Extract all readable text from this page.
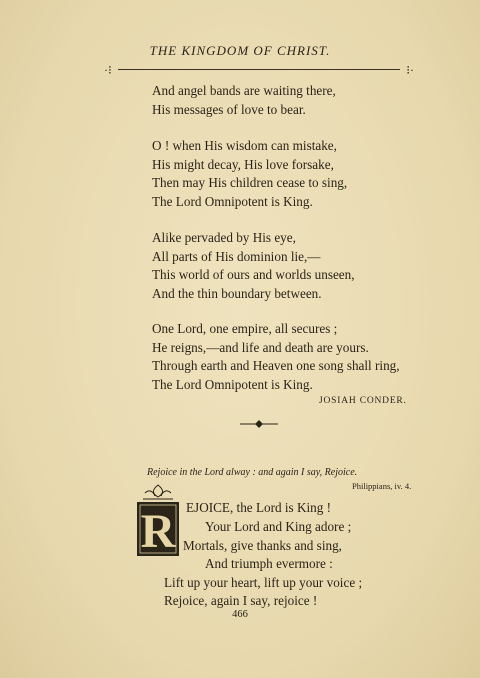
THE KINGDOM OF CHRIST.
·⁝	⁝·
And angel bands are waiting there,
His messages of love to bear.
O ! when His wisdom can mistake,
His might decay, His love forsake,
Then may His children cease to sing,
The Lord Omnipotent is King.
Alike pervaded by His eye,
All parts of His dominion lie,—
This world of ours and worlds unseen,
And the thin boundary between.
One Lord, one empire, all secures ;
He reigns,—and life and death are yours.
Through earth and Heaven one song shall ring,
The Lord Omnipotent is King.
JOSIAH CONDER.
Rejoice in the Lord alway : and again I say, Rejoice.
Philippians, iv. 4.
R EJOICE, the Lord is King !
Your Lord and King adore ;
Mortals, give thanks and sing,
And triumph evermore :
Lift up your heart, lift up your voice ;
Rejoice, again I say, rejoice !
466
